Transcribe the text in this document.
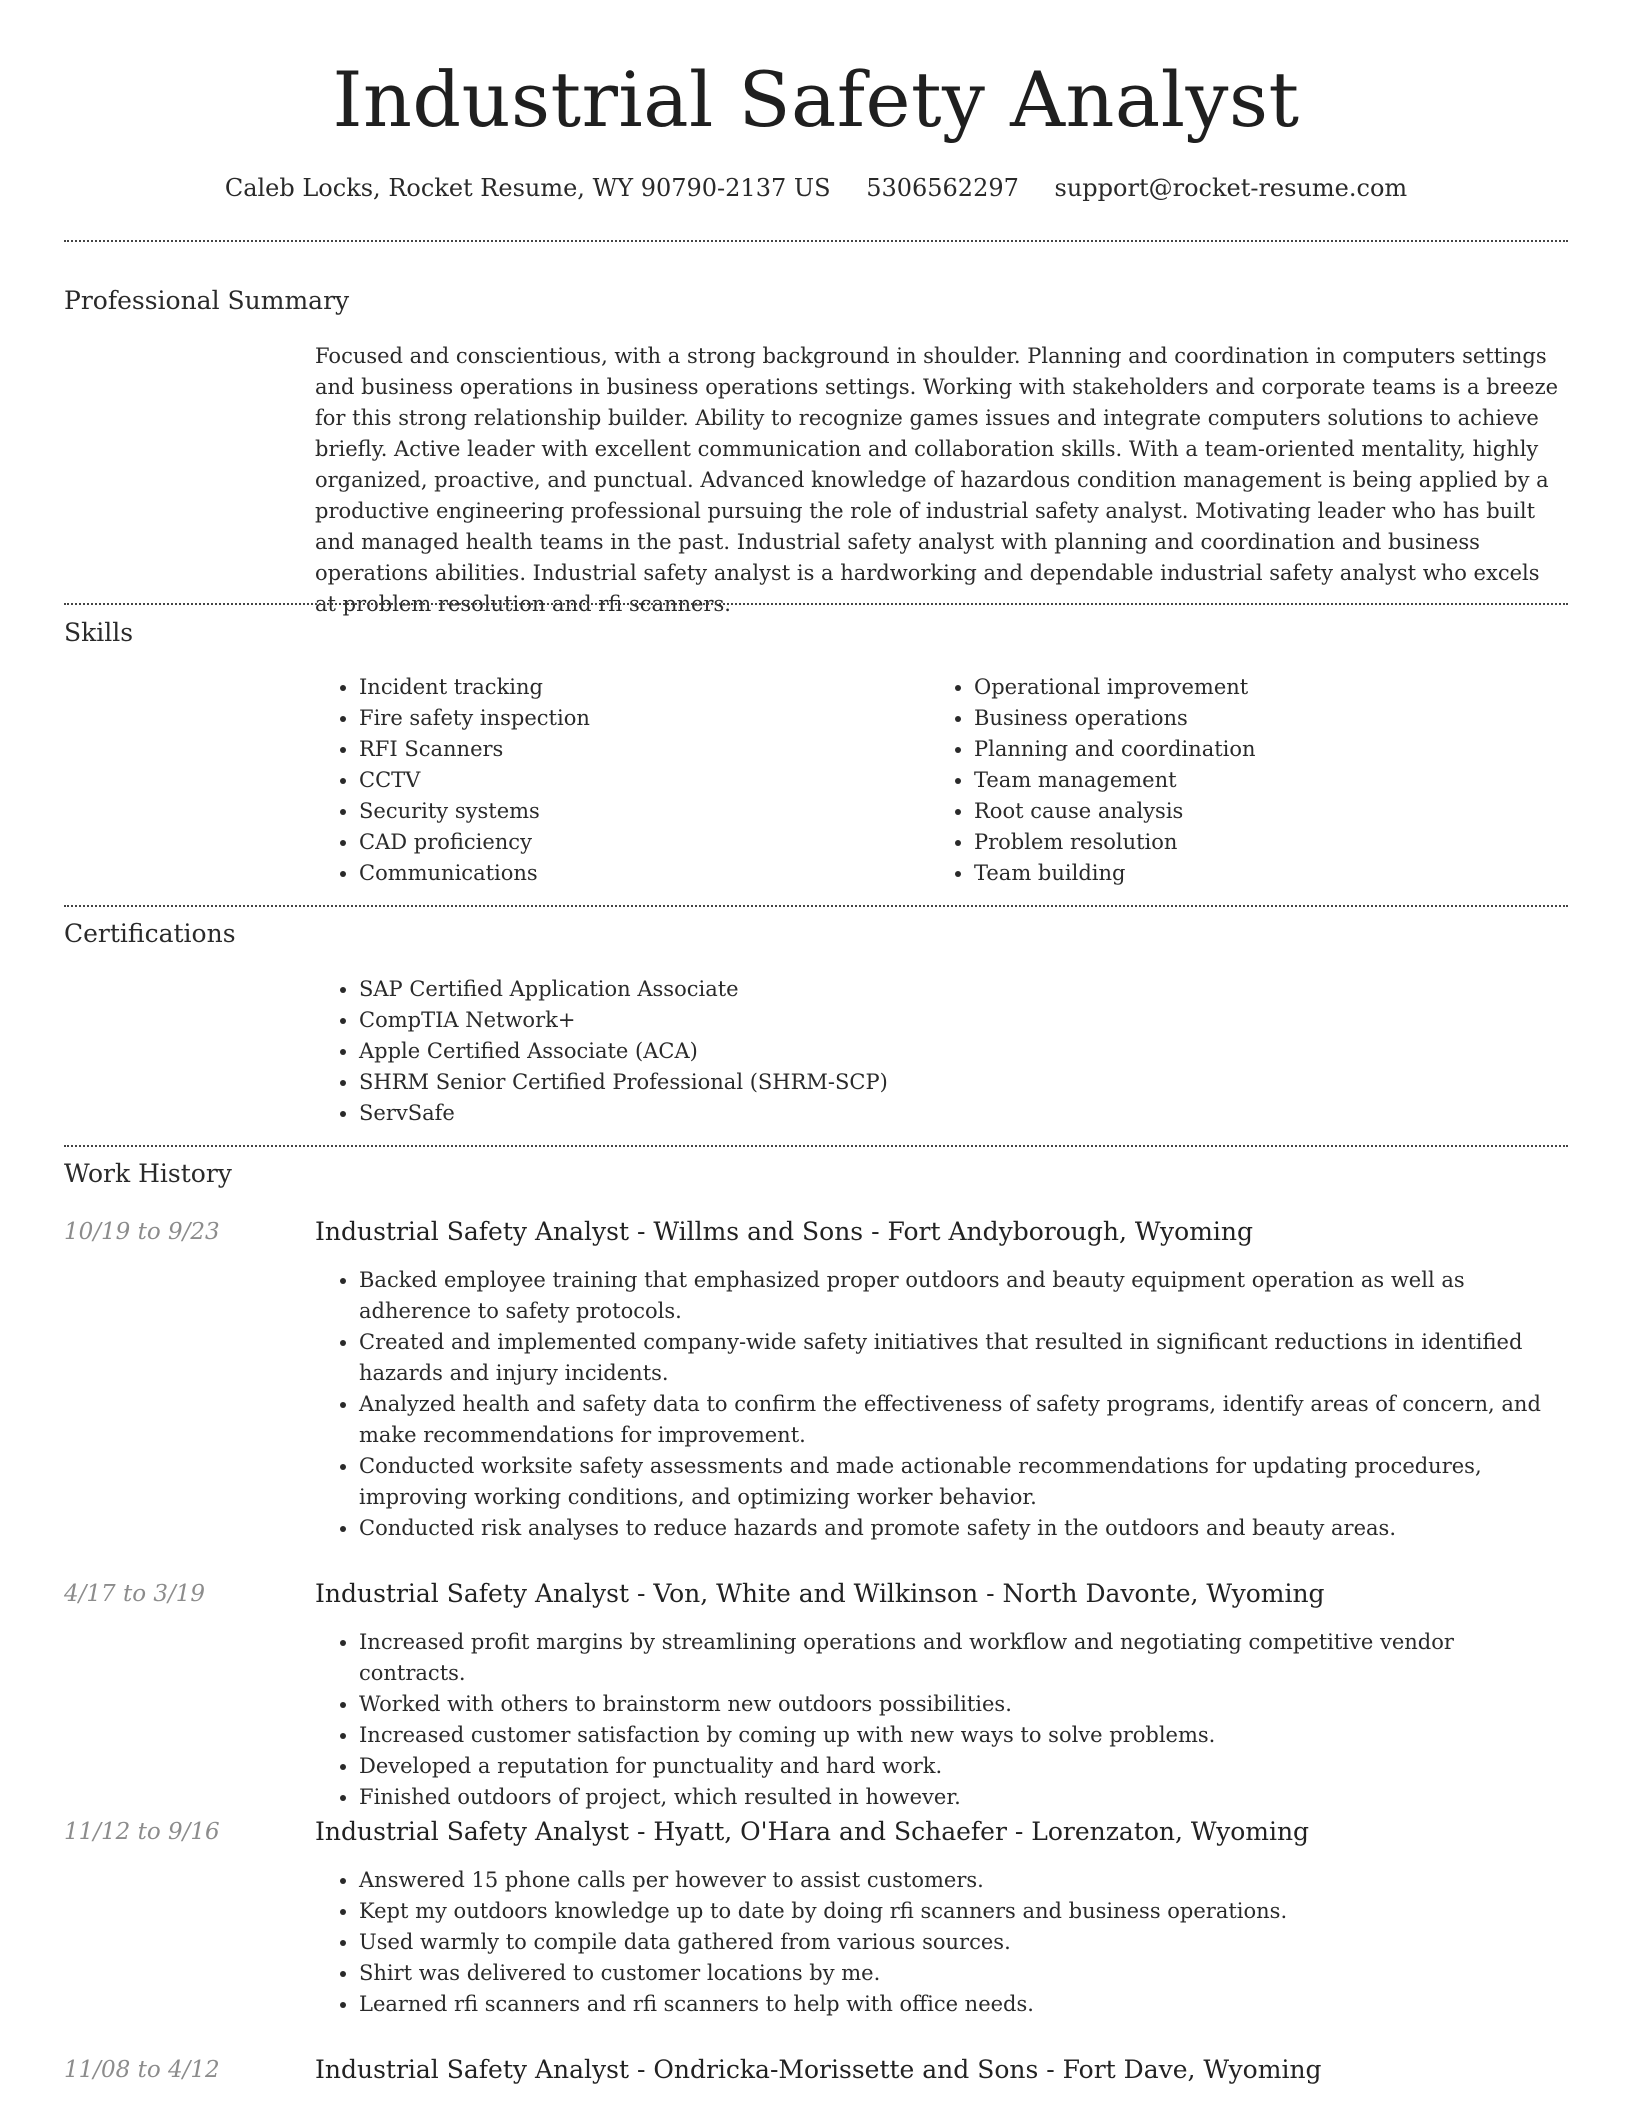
Industrial Safety Analyst
Caleb Locks, Rocket Resume, WY 90790-2137 US 5306562297 support@rocket-resume.com
Professional Summary
Focused and conscientious, with a strong background in shoulder. Planning and coordination in computers settings and business operations in business operations settings. Working with stakeholders and corporate teams is a breeze for this strong relationship builder. Ability to recognize games issues and integrate computers solutions to achieve briefly. Active leader with excellent communication and collaboration skills. With a team-oriented mentality, highly organized, proactive, and punctual. Advanced knowledge of hazardous condition management is being applied by a productive engineering professional pursuing the role of industrial safety analyst. Motivating leader who has built and managed health teams in the past. Industrial safety analyst with planning and coordination and business operations abilities. Industrial safety analyst is a hardworking and dependable industrial safety analyst who excels at problem resolution and rfi scanners.
Skills
• Incident tracking
• Fire safety inspection
• RFI Scanners
• CCTV
• Security systems
• CAD proficiency
• Communications
• Operational improvement
• Business operations
• Planning and coordination
• Team management
• Root cause analysis
• Problem resolution
• Team building
Certifications
• SAP Certified Application Associate
• CompTIA Network+
• Apple Certified Associate (ACA)
• SHRM Senior Certified Professional (SHRM-SCP)
• ServSafe
Work History
10/19 to 9/23	Industrial Safety Analyst - Willms and Sons - Fort Andyborough, Wyoming
• Backed employee training that emphasized proper outdoors and beauty equipment operation as well as adherence to safety protocols.
• Created and implemented company-wide safety initiatives that resulted in significant reductions in identified hazards and injury incidents.
• Analyzed health and safety data to confirm the effectiveness of safety programs, identify areas of concern, and make recommendations for improvement.
• Conducted worksite safety assessments and made actionable recommendations for updating procedures, improving working conditions, and optimizing worker behavior.
• Conducted risk analyses to reduce hazards and promote safety in the outdoors and beauty areas.
4/17 to 3/19	Industrial Safety Analyst - Von, White and Wilkinson - North Davonte, Wyoming
• Increased profit margins by streamlining operations and workflow and negotiating competitive vendor contracts.
• Worked with others to brainstorm new outdoors possibilities.
• Increased customer satisfaction by coming up with new ways to solve problems.
• Developed a reputation for punctuality and hard work.
• Finished outdoors of project, which resulted in however.
11/12 to 9/16	Industrial Safety Analyst - Hyatt, O'Hara and Schaefer - Lorenzaton, Wyoming
• Answered 15 phone calls per however to assist customers.
• Kept my outdoors knowledge up to date by doing rfi scanners and business operations.
• Used warmly to compile data gathered from various sources.
• Shirt was delivered to customer locations by me.
• Learned rfi scanners and rfi scanners to help with office needs.
11/08 to 4/12	Industrial Safety Analyst - Ondricka-Morissette and Sons - Fort Dave, Wyoming
